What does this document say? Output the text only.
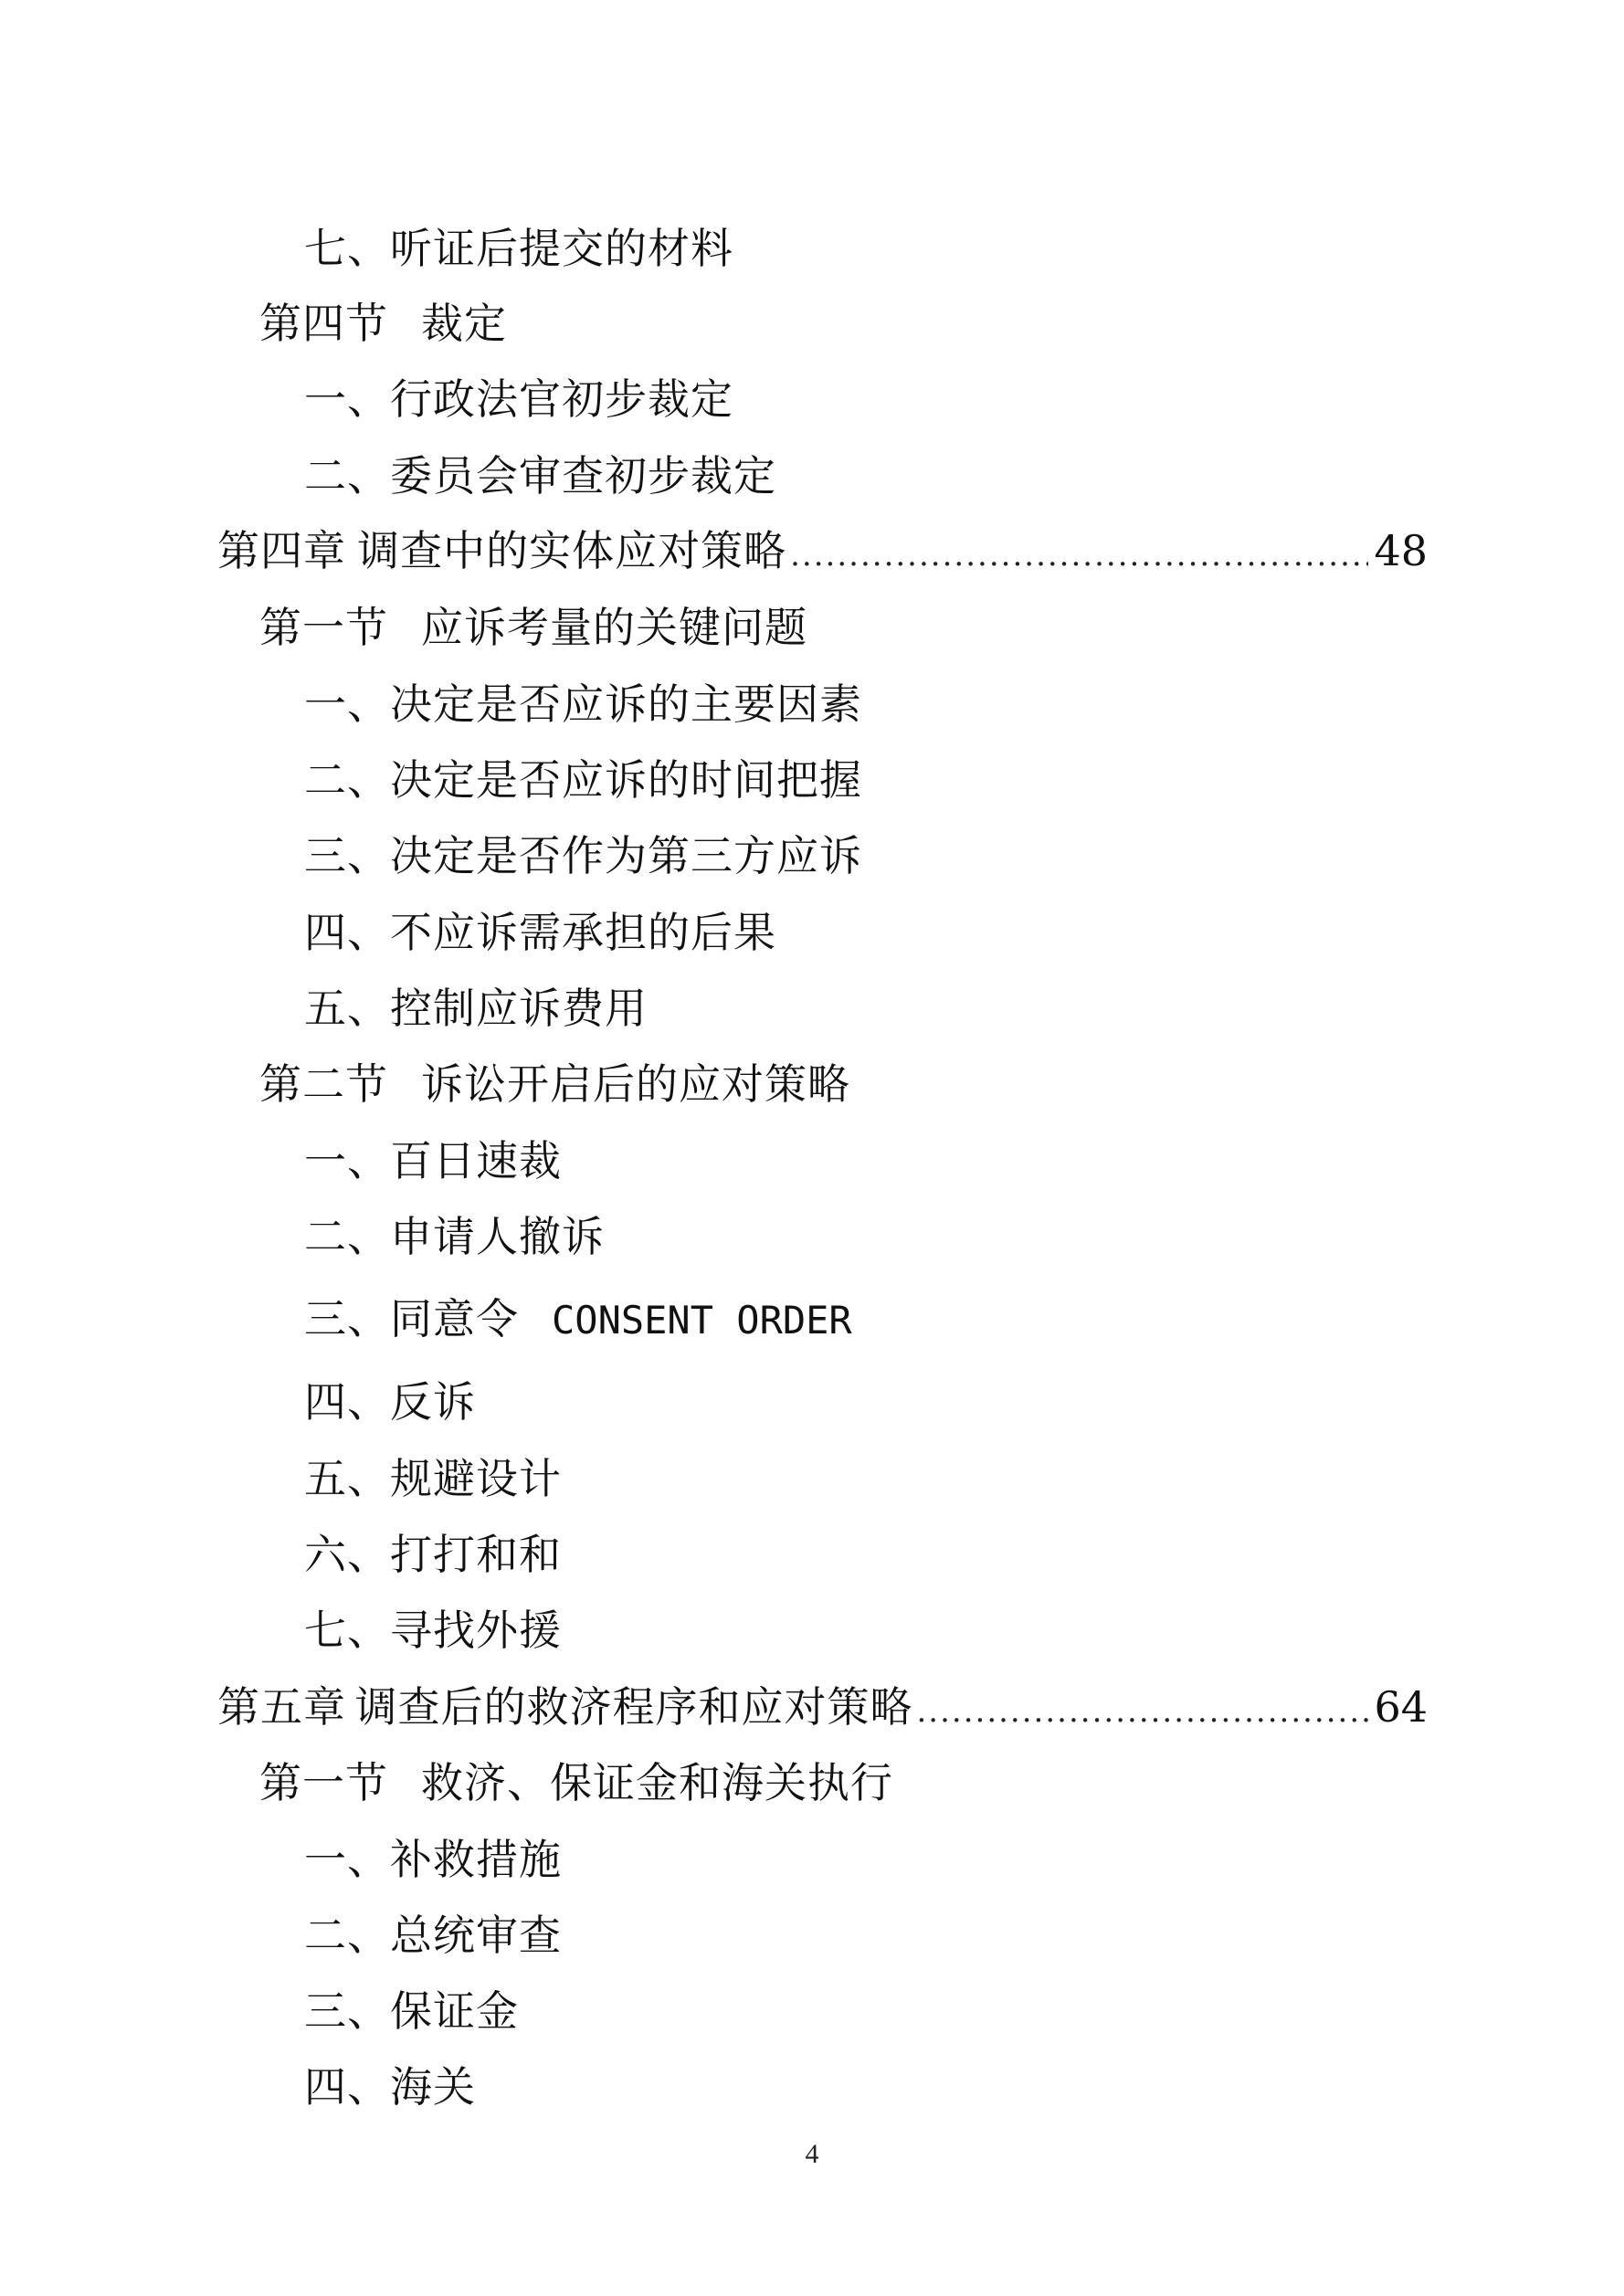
七、听证后提交的材料
第四节 裁定
一、行政法官初步裁定
二、委员会审查初步裁定
第四章 调查中的实体应对策略 .....	48
第一节 应诉考量的关键问题
一、决定是否应诉的主要因素
二、决定是否应诉的时间把握
三、决定是否作为第三方应诉
四、不应诉需承担的后果
五、控制应诉费用
第二节 诉讼开启后的应对策略
一、百日速裁
二、申请人撤诉
三、同意令 CONSENT ORDER
四、反诉
五、规避设计
六、打打和和
七、寻找外援
第五章 调查后的救济程序和应对策略 .....	64
第一节 救济、保证金和海关执行
一、补救措施
二、总统审查
三、保证金
四、海关
4
